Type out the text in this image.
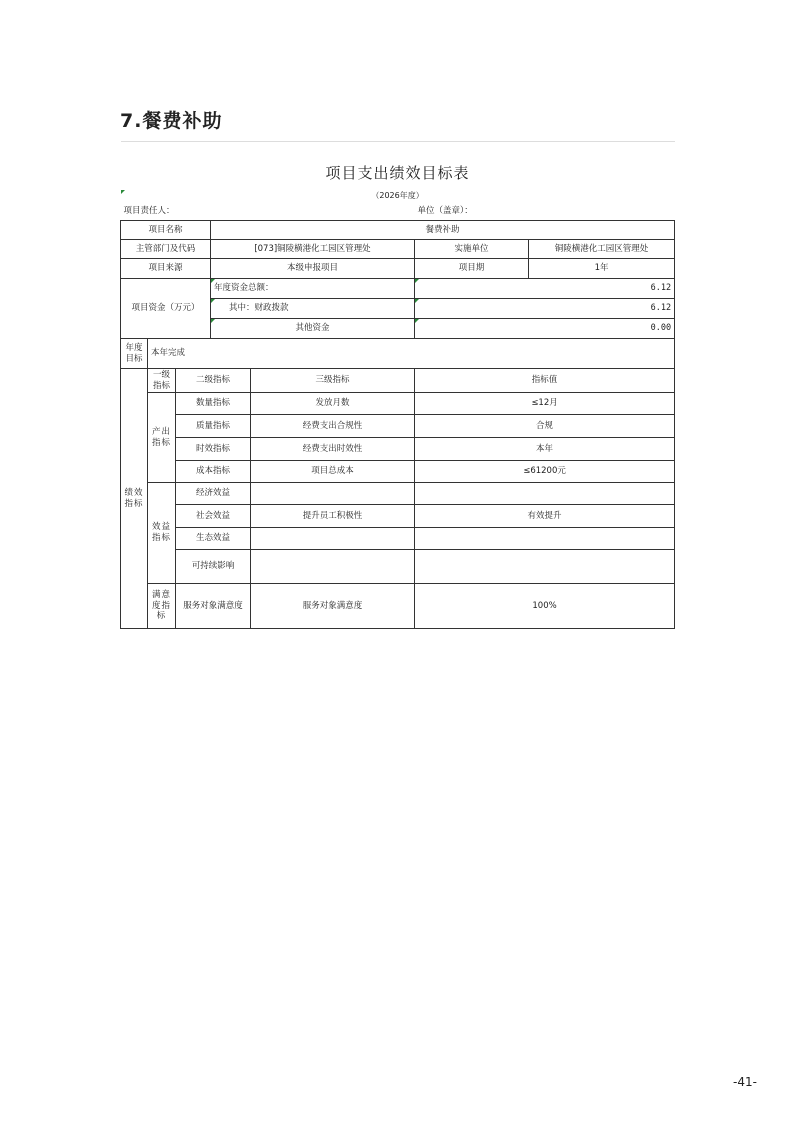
7.餐费补助

项目支出绩效目标表						
（2026年度）						
项目责任人：					单位（盖章）：	
项目名称			餐费补助			
主管部门及代码			[073]铜陵横港化工园区管理处		实施单位	铜陵横港化工园区管理处
项目来源			本级申报项目		项目期	1年
项目资金（万元）			年度资金总额：		6.12	
			其中：财政拨款		6.12	
			其他资金		0.00	
年度目标	本年完成					
绩效指标	一级指标	二级指标		三级指标	指标值	
	产出指标	数量指标		发放月数	≤12月	
		质量指标		经费支出合规性	合规	
		时效指标		经费支出时效性	本年	
		成本指标		项目总成本	≤61200元	
	效益指标	经济效益				
		社会效益		提升员工积极性	有效提升	
		生态效益				
		可持续影响				
	满意度指标	服务对象满意度		服务对象满意度	100%	
-41-
